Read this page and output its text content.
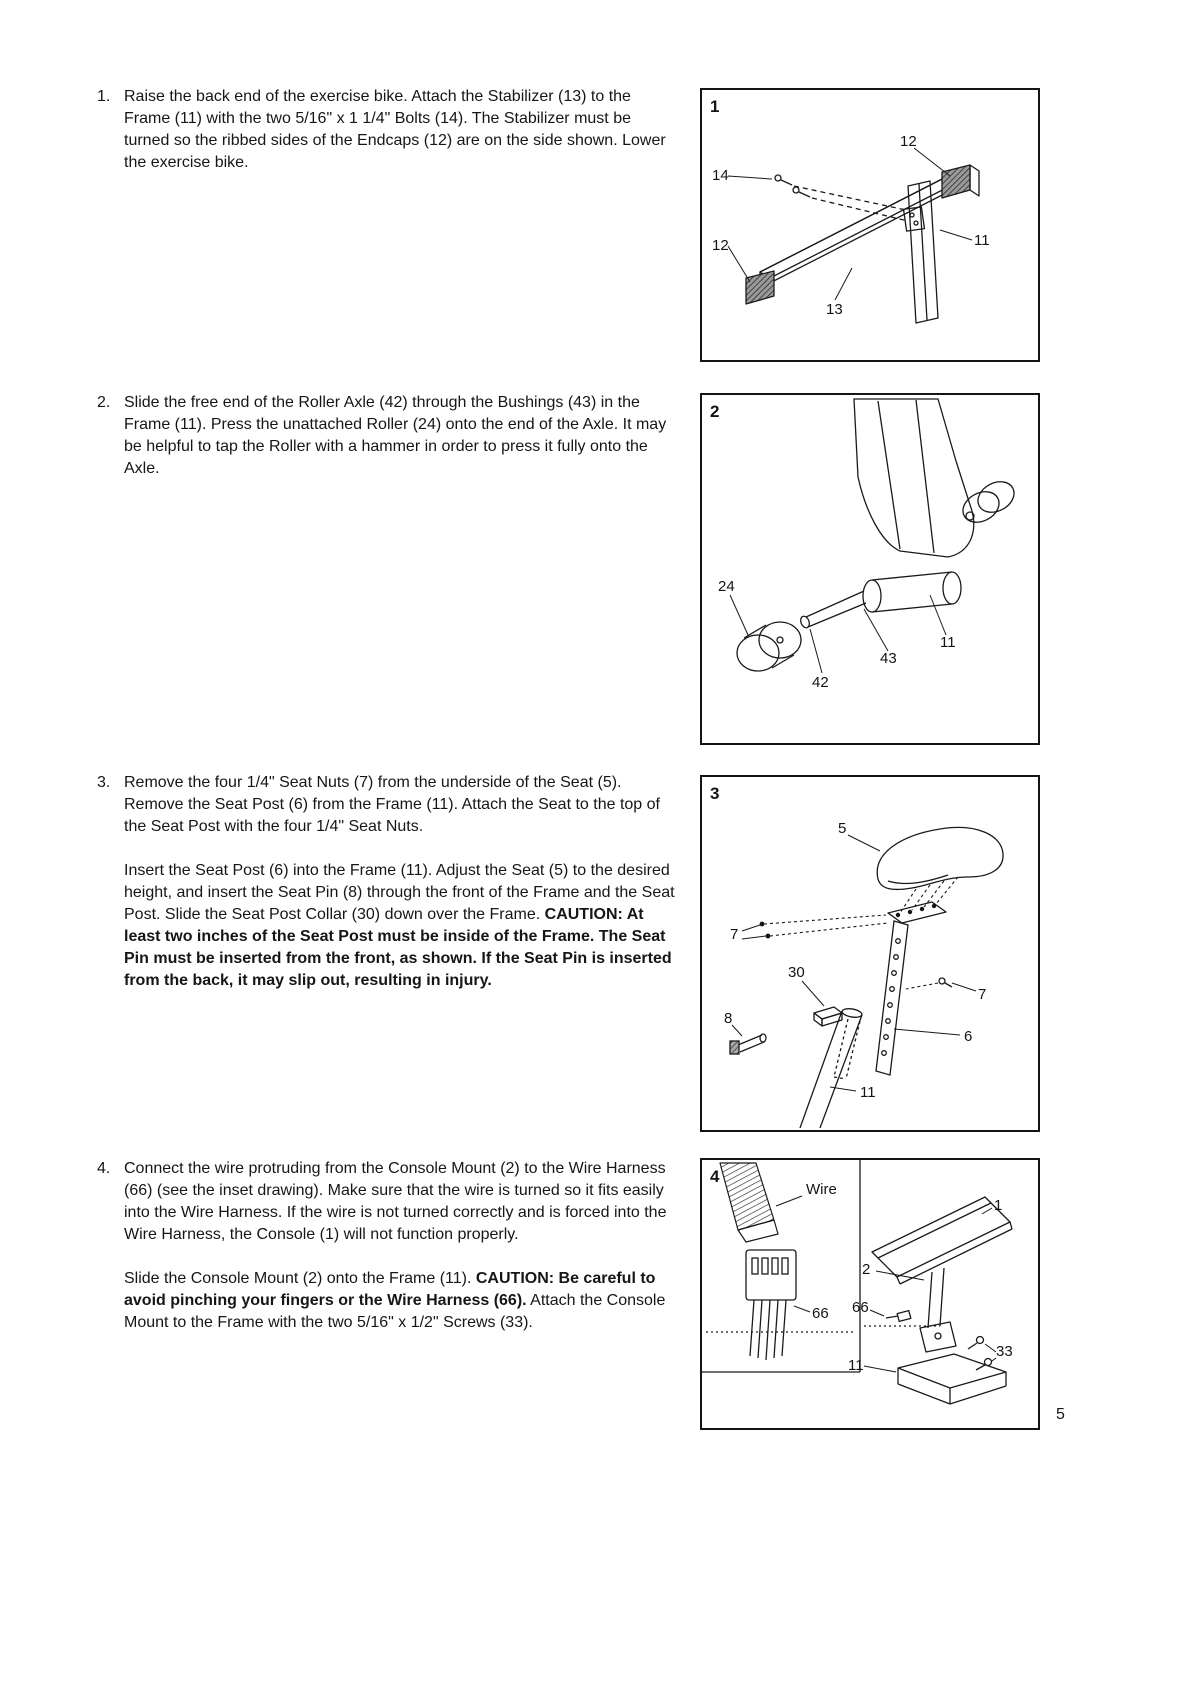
1. Raise the back end of the exercise bike. Attach the Stabilizer (13) to the Frame (11) with the two 5/16" x 1 1/4" Bolts (14). The Stabilizer must be turned so the ribbed sides of the Endcaps (12) are on the side shown. Lower the exercise bike.

2. Slide the free end of the Roller Axle (42) through the Bushings (43) in the Frame (11). Press the unattached Roller (24) onto the end of the Axle. It may be helpful to tap the Roller with a hammer in order to press it fully onto the Axle.

3. Remove the four 1/4" Seat Nuts (7) from the underside of the Seat (5). Remove the Seat Post (6) from the Frame (11). Attach the Seat to the top of the Seat Post with the four 1/4" Seat Nuts.

Insert the Seat Post (6) into the Frame (11). Adjust the Seat (5) to the desired height, and insert the Seat Pin (8) through the front of the Frame and the Seat Post. Slide the Seat Post Collar (30) down over the Frame. CAUTION: At least two inches of the Seat Post must be inside of the Frame. The Seat Pin must be inserted from the front, as shown. If the Seat Pin is inserted from the back, it may slip out, resulting in injury.

4. Connect the wire protruding from the Console Mount (2) to the Wire Harness (66) (see the inset drawing). Make sure that the wire is turned so it fits easily into the Wire Harness. If the wire is not turned correctly and is forced into the Wire Harness, the Console (1) will not function properly.

Slide the Console Mount (2) onto the Frame (11). CAUTION: Be careful to avoid pinching your fingers or the Wire Harness (66). Attach the Console Mount to the Frame with the two 5/16" x 1/2" Screws (33).

1
12
14
12	11
13
2
24
42
43
11
3
5
7
30
8
7
6
11
4
Wire
66
1
2
66
11
33
5
